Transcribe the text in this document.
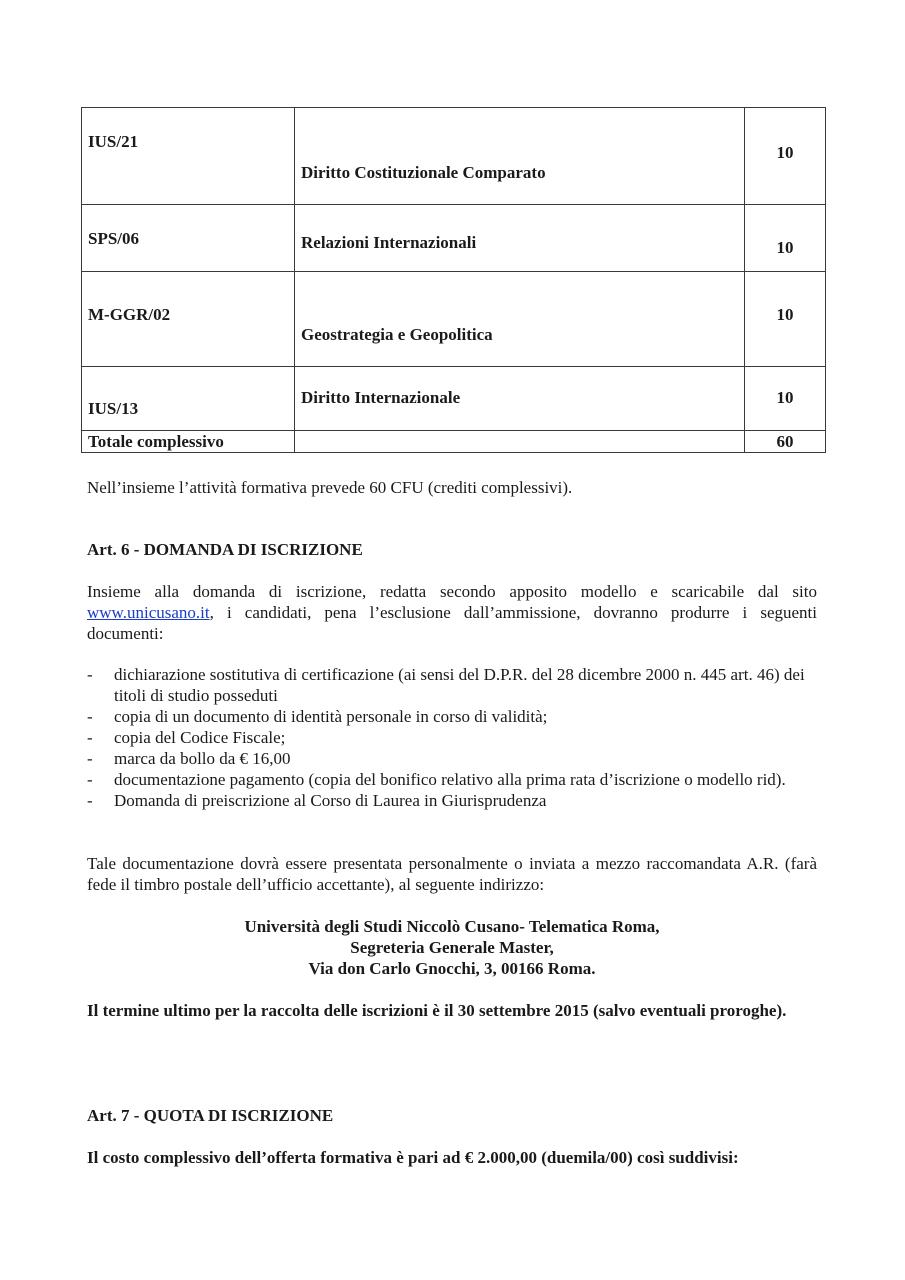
IUS/21	Diritto Costituzionale Comparato	10

SPS/06	Relazioni Internazionali	10

M-GGR/02	Geostrategia e Geopolitica	10

IUS/13	Diritto Internazionale	10

Totale complessivo		60
Nell’insieme l’attività formativa prevede 60 CFU (crediti complessivi).
Art. 6 - DOMANDA DI ISCRIZIONE
Insieme alla domanda di iscrizione, redatta secondo apposito modello e scaricabile dal sito
www.unicusano.it, i candidati, pena l’esclusione dall’ammissione, dovranno produrre i seguenti documenti:
- dichiarazione sostitutiva di certificazione (ai sensi del D.P.R. del 28 dicembre 2000 n. 445 art. 46) dei titoli di studio posseduti
- copia di un documento di identità personale in corso di validità;
- copia del Codice Fiscale;
- marca da bollo da € 16,00
- documentazione pagamento (copia del bonifico relativo alla prima rata d’iscrizione o modello rid).
- Domanda di preiscrizione al Corso di Laurea in Giurisprudenza
Tale documentazione dovrà essere presentata personalmente o inviata a mezzo raccomandata A.R. (farà fede il timbro postale dell’ufficio accettante), al seguente indirizzo:
Università degli Studi Niccolò Cusano- Telematica Roma,
Segreteria Generale Master,
Via don Carlo Gnocchi, 3, 00166 Roma.
Il termine ultimo per la raccolta delle iscrizioni è il 30 settembre 2015 (salvo eventuali proroghe).
Art. 7 - QUOTA DI ISCRIZIONE
Il costo complessivo dell’offerta formativa è pari ad € 2.000,00 (duemila/00) così suddivisi:
